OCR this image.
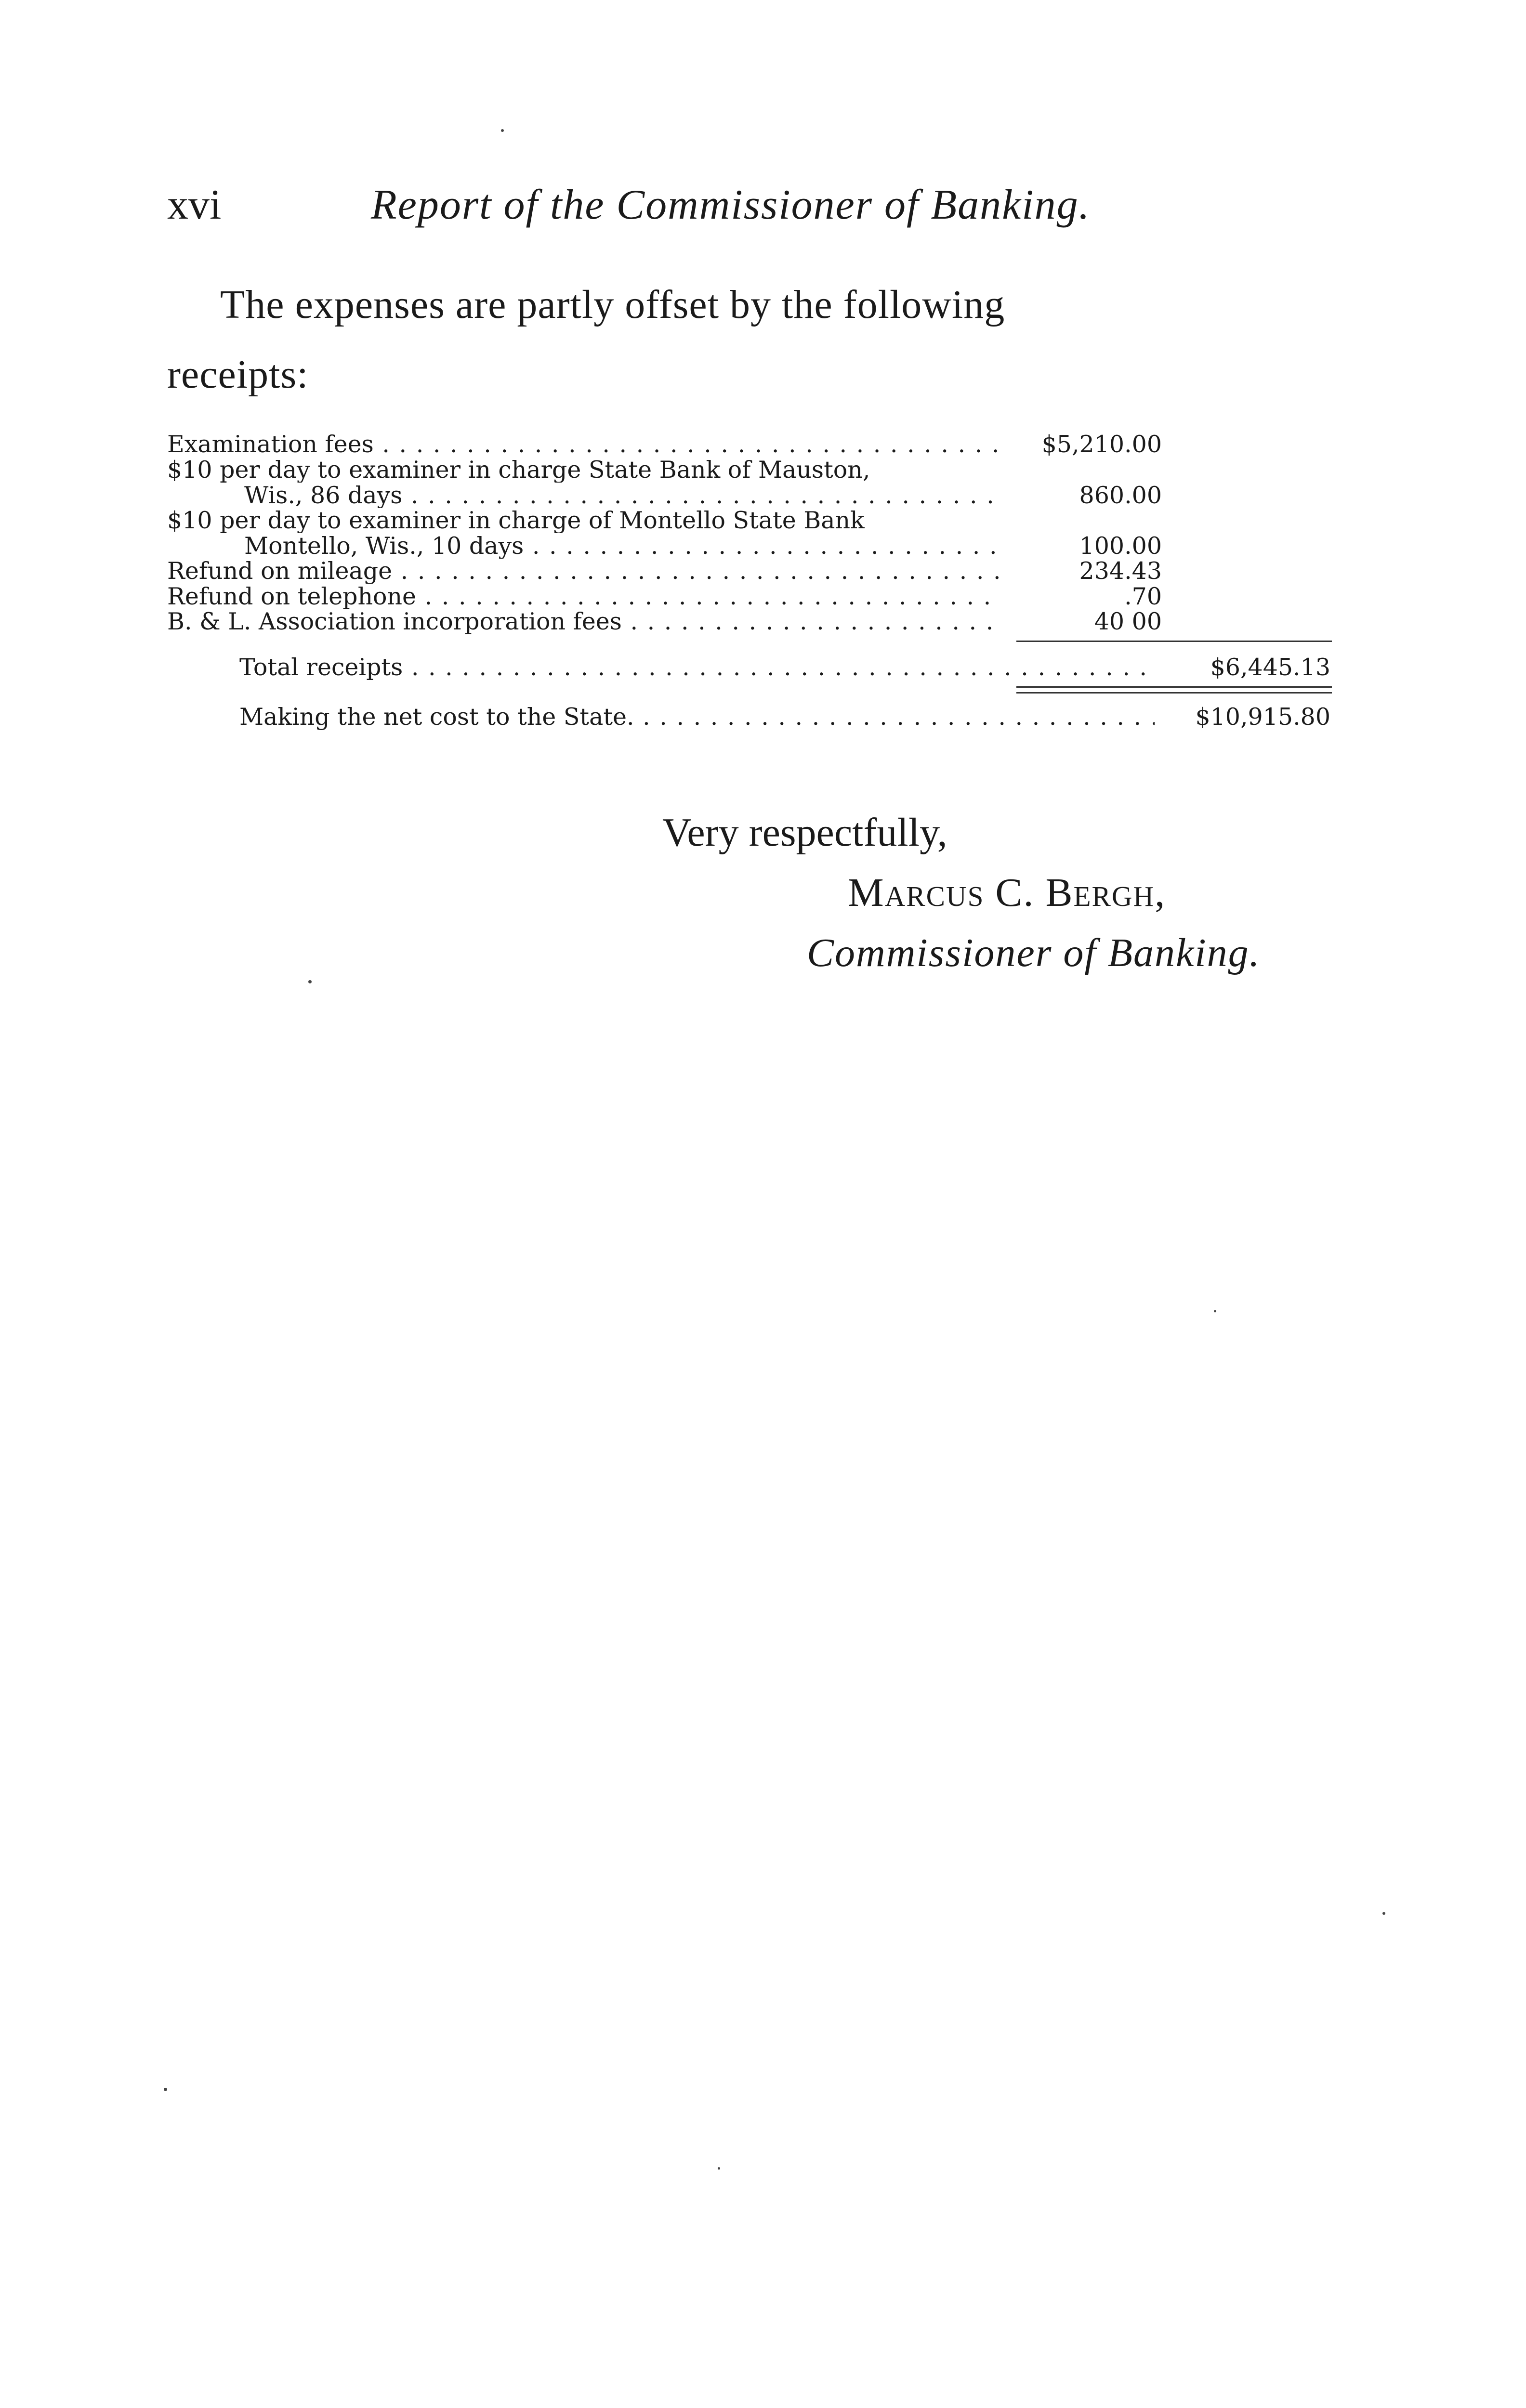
xvi	Report of the Commissioner of Banking.
The expenses are partly offset by the following receipts:
Examination fees . . .	$5,210.00
$10 per day to examiner in charge State Bank of Mauston,
Wis., 86 days . . .	860.00
$10 per day to examiner in charge of Montello State Bank
Montello, Wis., 10 days . . .	100.00
Refund on mileage . . .	234.43
Refund on telephone . . .	.70
B. & L. Association incorporation fees . . .	40 00
Total receipts . . .	$6,445.13
Making the net cost to the State. . . .	$10,915.80
Very respectfully,
Marcus C. Bergh,
Commissioner of Banking.
